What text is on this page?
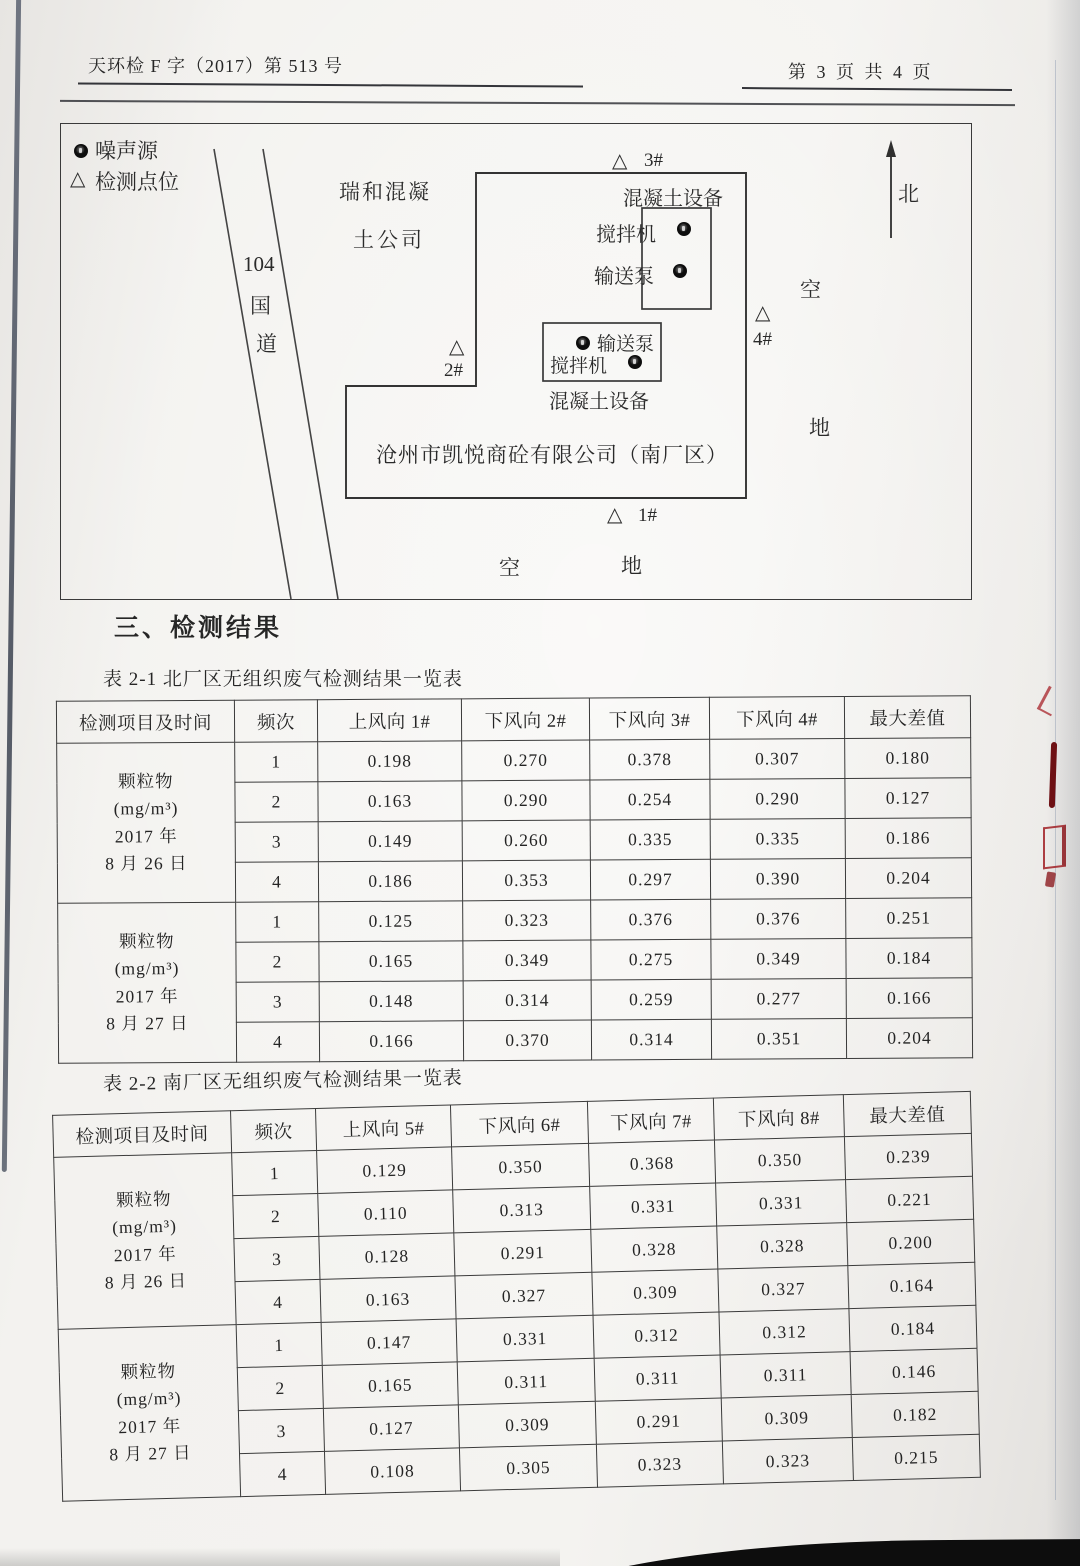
天环检 F 字（2017）第 513 号	第 3 页 共 4 页
噪声源
△ 检测点位	瑞和混凝
土公司
104
国
道
△ 3#
混凝土设备
搅拌机
输送泵
北
空
地
△
4#
△
2#
输送泵
搅拌机
混凝土设备
沧州市凯悦商砼有限公司（南厂区）
△ 1#
空	地
三、检测结果
表 2-1 北厂区无组织废气检测结果一览表
检测项目及时间	频次	上风向 1#	下风向 2#	下风向 3#	下风向 4#	最大差值
颗粒物
(mg/m³)
2017 年
8 月 26 日	1	0.198	0.270	0.378	0.307	0.180
	2	0.163	0.290	0.254	0.290	0.127
	3	0.149	0.260	0.335	0.335	0.186
	4	0.186	0.353	0.297	0.390	0.204
颗粒物
(mg/m³)
2017 年
8 月 27 日	1	0.125	0.323	0.376	0.376	0.251
	2	0.165	0.349	0.275	0.349	0.184
	3	0.148	0.314	0.259	0.277	0.166
	4	0.166	0.370	0.314	0.351	0.204
表 2-2 南厂区无组织废气检测结果一览表
检测项目及时间	频次	上风向 5#	下风向 6#	下风向 7#	下风向 8#	最大差值
颗粒物
(mg/m³)
2017 年
8 月 26 日	1	0.129	0.350	0.368	0.350	0.239
	2	0.110	0.313	0.331	0.331	0.221
	3	0.128	0.291	0.328	0.328	0.200
	4	0.163	0.327	0.309	0.327	0.164
颗粒物
(mg/m³)
2017 年
8 月 27 日	1	0.147	0.331	0.312	0.312	0.184
	2	0.165	0.311	0.311	0.311	0.146
	3	0.127	0.309	0.291	0.309	0.182
	4	0.108	0.305	0.323	0.323	0.215
